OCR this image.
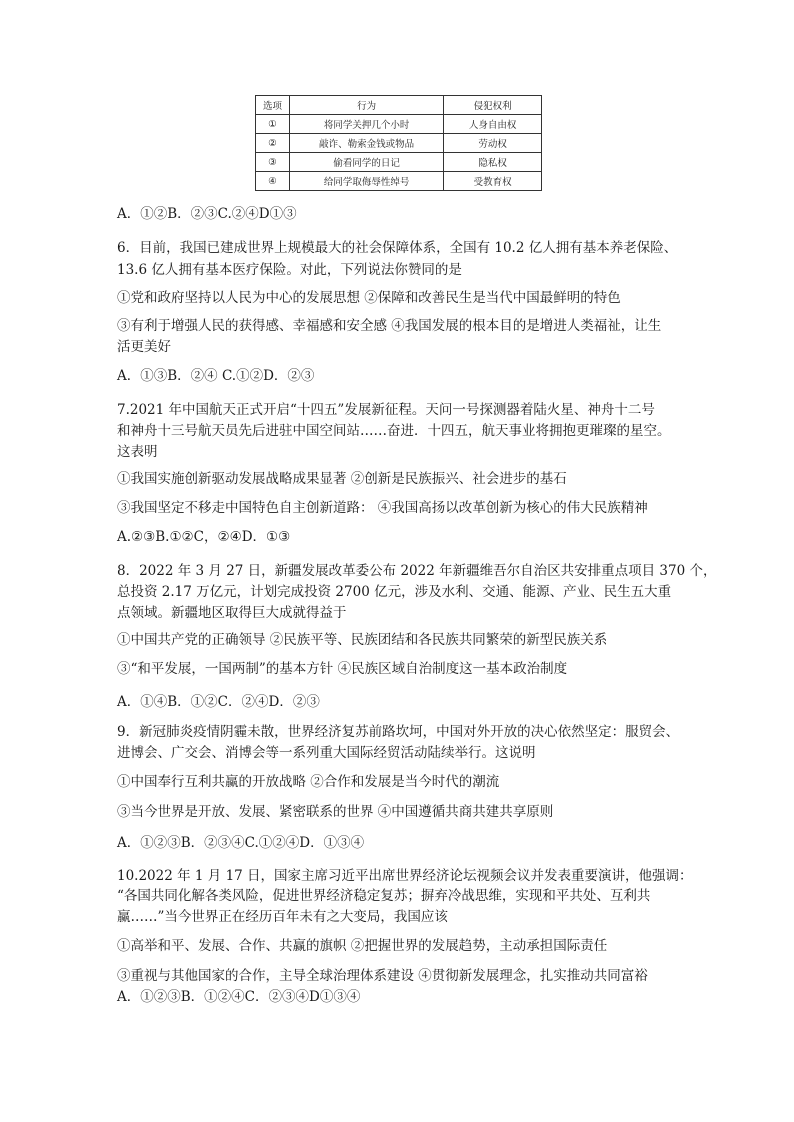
选项	行为	侵犯权利
①	将同学关押几个小时	人身自由权
②	敲诈、勒索金钱或物品	劳动权
③	偷看同学的日记	隐私权
④	给同学取侮辱性绰号	受教育权
A．①②B．②③C.②④D①③
6．目前，我国已建成世界上规模最大的社会保障体系，全国有 10.2 亿人拥有基本养老保险、
13.6 亿人拥有基本医疗保险。对此，下列说法你赞同的是
①党和政府坚持以人民为中心的发展思想 ②保障和改善民生是当代中国最鲜明的特色
③有利于增强人民的获得感、幸福感和安全感 ④我国发展的根本目的是增进人类福祉，让生
活更美好
A．①③B．②④ C.①②D．②③
7.2021 年中国航天正式开启“十四五”发展新征程。天问一号探测器着陆火星、神舟十二号
和神舟十三号航天员先后进驻中国空间站……奋进．十四五，航天事业将拥抱更璀璨的星空。
这表明
①我国实施创新驱动发展战略成果显著 ②创新是民族振兴、社会进步的基石
③我国坚定不移走中国特色自主创新道路： ④我国高扬以改革创新为核心的伟大民族精神
A.②③B.①②C，②④D．①③
8．2022 年 3 月 27 日，新疆发展改革委公布 2022 年新疆维吾尔自治区共安排重点项目 370 个，
总投资 2.17 万亿元，计划完成投资 2700 亿元，涉及水利、交通、能源、产业、民生五大重
点领域。新疆地区取得巨大成就得益于
①中国共产党的正确领导 ②民族平等、民族团结和各民族共同繁荣的新型民族关系
③“和平发展，一国两制”的基本方针 ④民族区域自治制度这一基本政治制度
A．①④B．①②C．②④D．②③
9．新冠肺炎疫情阴霾未散，世界经济复苏前路坎坷，中国对外开放的决心依然坚定：服贸会、
进博会、广交会、消博会等一系列重大国际经贸活动陆续举行。这说明
①中国奉行互利共赢的开放战略 ②合作和发展是当今时代的潮流
③当今世界是开放、发展、紧密联系的世界 ④中国遵循共商共建共享原则
A．①②③B．②③④C.①②④D．①③④
10.2022 年 1 月 17 日，国家主席习近平出席世界经济论坛视频会议并发表重要演讲，他强调：
“各国共同化解各类风险，促进世界经济稳定复苏；摒弃冷战思维，实现和平共处、互利共
赢……”当今世界正在经历百年未有之大变局，我国应该
①高举和平、发展、合作、共赢的旗帜 ②把握世界的发展趋势，主动承担国际责任
③重视与其他国家的合作，主导全球治理体系建设 ④贯彻新发展理念，扎实推动共同富裕
A．①②③B．①②④C．②③④D①③④
